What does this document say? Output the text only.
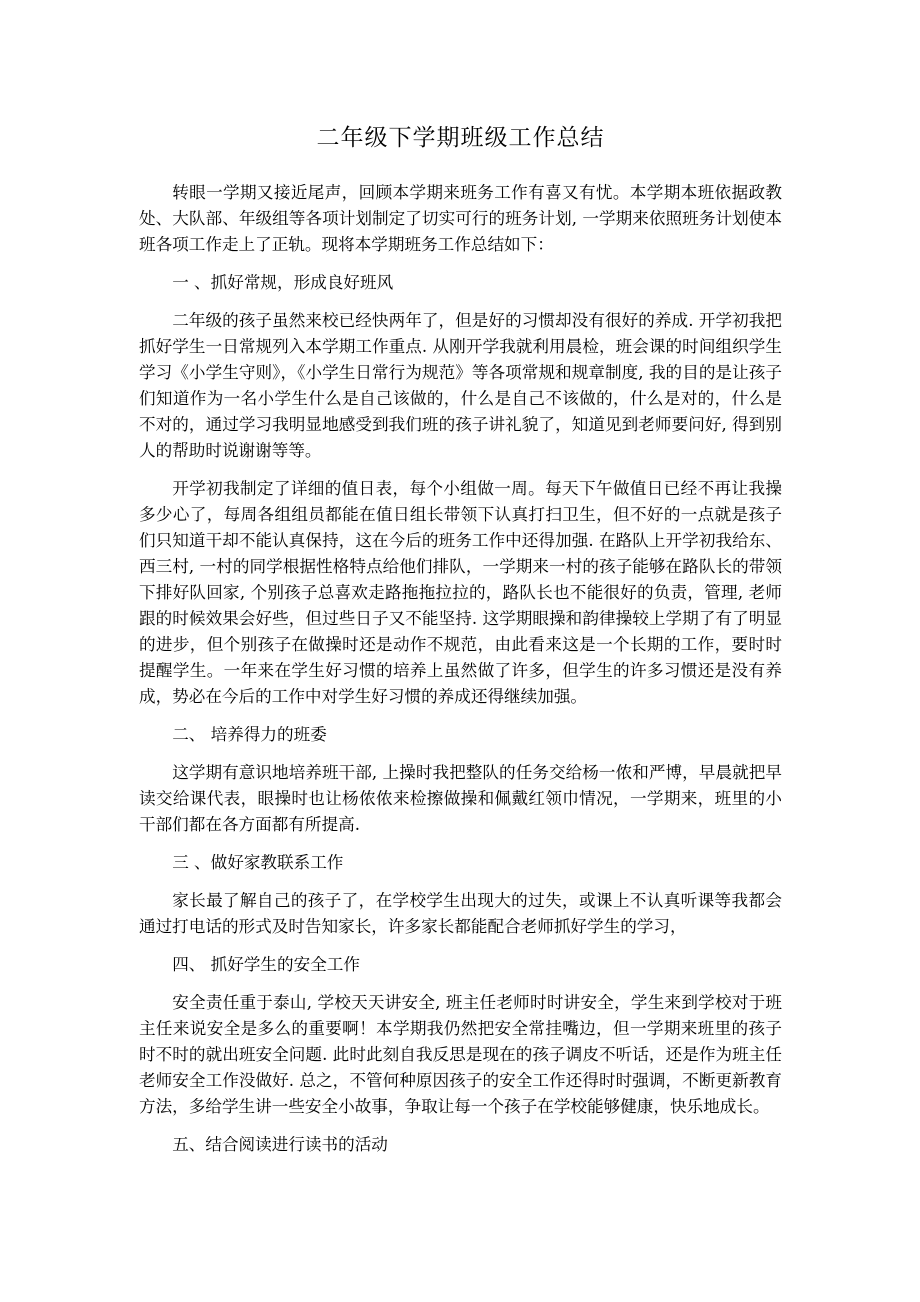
二年级下学期班级工作总结

转眼一学期又接近尾声，回顾本学期来班务工作有喜又有忧。本学期本班依据政教处、大队部、年级组等各项计划制定了切实可行的班务计划, 一学期来依照班务计划使本班各项工作走上了正轨。现将本学期班务工作总结如下：

一 、抓好常规，形成良好班风

二年级的孩子虽然来校已经快两年了，但是好的习惯却没有很好的养成. 开学初我把抓好学生一日常规列入本学期工作重点. 从刚开学我就利用晨检，班会课的时间组织学生学习《小学生守则》，《小学生日常行为规范》等各项常规和规章制度, 我的目的是让孩子们知道作为一名小学生什么是自己该做的，什么是自己不该做的，什么是对的，什么是不对的，通过学习我明显地感受到我们班的孩子讲礼貌了，知道见到老师要问好, 得到别人的帮助时说谢谢等等。

开学初我制定了详细的值日表，每个小组做一周。每天下午做值日已经不再让我操多少心了，每周各组组员都能在值日组长带领下认真打扫卫生，但不好的一点就是孩子们只知道干却不能认真保持，这在今后的班务工作中还得加强. 在路队上开学初我给东、西三村, 一村的同学根据性格特点给他们排队，一学期来一村的孩子能够在路队长的带领下排好队回家, 个别孩子总喜欢走路拖拖拉拉的，路队长也不能很好的负责，管理, 老师跟的时候效果会好些，但过些日子又不能坚持. 这学期眼操和韵律操较上学期了有了明显的进步，但个别孩子在做操时还是动作不规范，由此看来这是一个长期的工作，要时时提醒学生。一年来在学生好习惯的培养上虽然做了许多，但学生的许多习惯还是没有养成，势必在今后的工作中对学生好习惯的养成还得继续加强。

二、 培养得力的班委

这学期有意识地培养班干部, 上操时我把整队的任务交给杨一侬和严博，早晨就把早读交给课代表，眼操时也让杨侬侬来检擦做操和佩戴红领巾情况，一学期来，班里的小干部们都在各方面都有所提高.

三 、做好家教联系工作

家长最了解自己的孩子了，在学校学生出现大的过失，或课上不认真听课等我都会通过打电话的形式及时告知家长，许多家长都能配合老师抓好学生的学习，

四、 抓好学生的安全工作

安全责任重于泰山, 学校天天讲安全, 班主任老师时时讲安全，学生来到学校对于班主任来说安全是多么的重要啊！本学期我仍然把安全常挂嘴边，但一学期来班里的孩子时不时的就出班安全问题. 此时此刻自我反思是现在的孩子调皮不听话，还是作为班主任老师安全工作没做好. 总之，不管何种原因孩子的安全工作还得时时强调，不断更新教育方法，多给学生讲一些安全小故事，争取让每一个孩子在学校能够健康，快乐地成长。

五、结合阅读进行读书的活动
